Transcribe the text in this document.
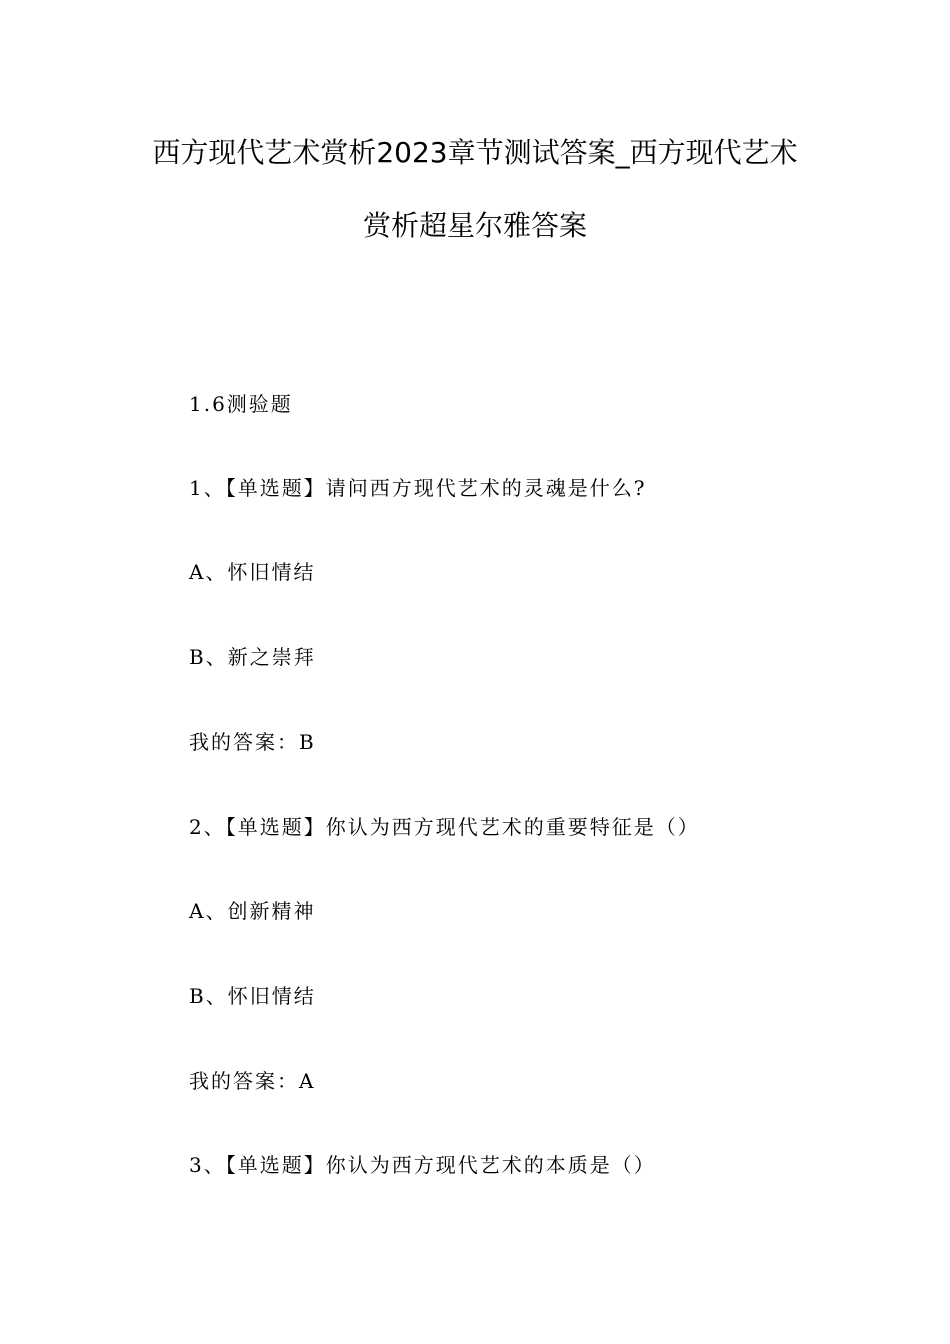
西方现代艺术赏析2023章节测试答案_西方现代艺术
赏析超星尔雅答案
1.6测验题
1、【单选题】请问西方现代艺术的灵魂是什么?
A、怀旧情结
B、新之崇拜
我的答案：B
2、【单选题】你认为西方现代艺术的重要特征是（）
A、创新精神
B、怀旧情结
我的答案：A
3、【单选题】你认为西方现代艺术的本质是（）
